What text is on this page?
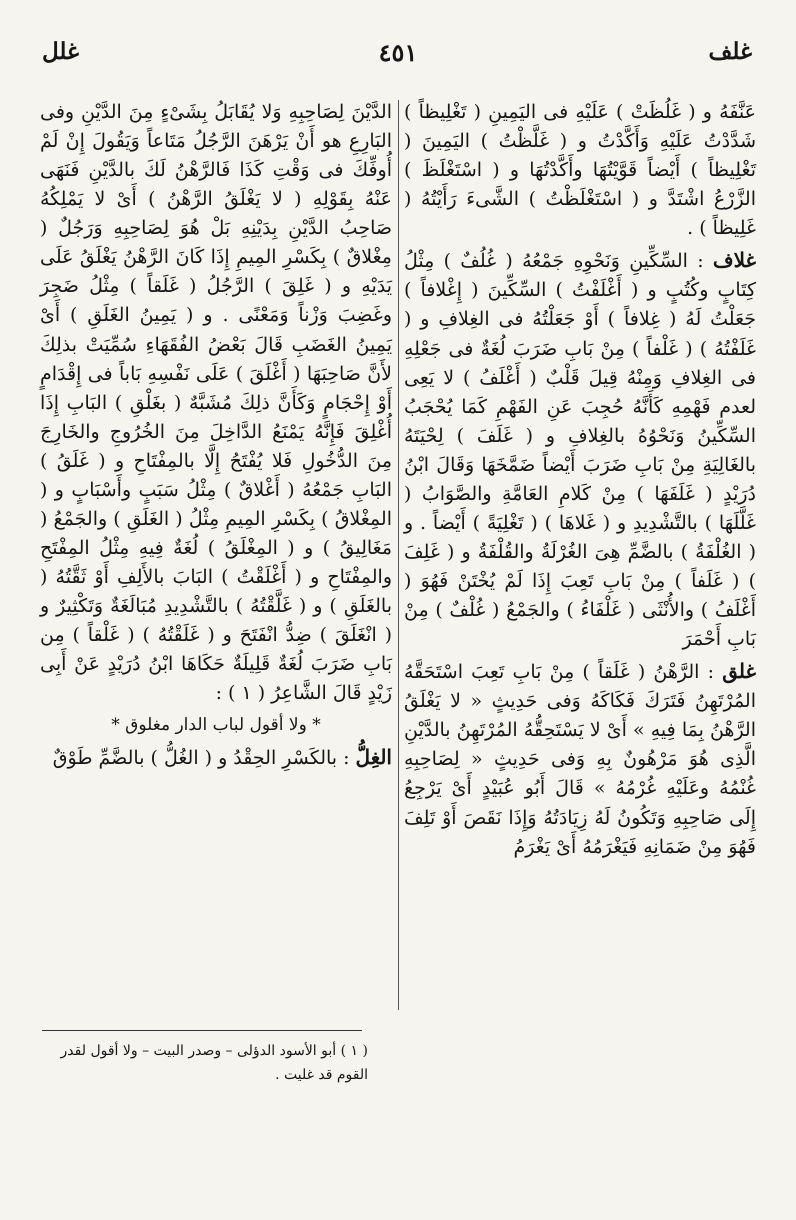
غلف
٤٥١
غلل
عَنَّفَهُ و ( غَلُظَتْ ) عَلَيْهِ فى اليَمِينِ ( تَغْلِيظاً ) شَدَّدْتُ عَلَيْهِ وَأَكَّدْتُ و ( غَلَّظْتُ ) اليَمِينَ ( تَغْلِيظاً ) أَيْضاً قَوَّيْتُهَا وأَكَّدْتُهَا و ( اسْتَغْلَظَ ) الزَّرْعُ اشْتَدَّ و ( اسْتَغْلَظْتُ ) الشَّىءَ رَأَيْتُهُ ( غَلِيظاً ) .
غلاف : السِّكِّينِ وَنَحْوِهِ جَمْعُهُ ( غُلُفٌ ) مِثْلُ كِتَابٍ وكُتُبٍ و ( أَغْلَفْتُ ) السِّكِّينَ ( إِغْلافاً ) جَعَلْتُ لَهُ ( غِلافاً ) أَوْ جَعَلْتُهُ فى الغِلافِ و ( غَلَفْتُهُ ) ( غَلْفاً ) مِنْ بَابِ ضَرَبَ لُغَةٌ فى جَعْلِهِ فى الغِلافِ وَمِنْهُ قِيلَ قَلْبٌ ( أَغْلَفُ ) لا يَعِى لعدم فَهْمِهِ كَأَنَّهُ حُجِبَ عَنِ الفَهْمِ كَمَا يُحْجَبُ السِّكِّينُ وَنَحْوُهُ بالغِلافِ و ( غَلَفَ ) لِحْيَتَهُ بالغَالِيَةِ مِنْ بَابِ ضَرَبَ أَيْضاً ضَمَّخَهَا وَقَالَ ابْنُ دُرَيْدٍ ( غَلَفَهَا ) مِنْ كَلامِ العَامَّةِ والصَّوَابُ ( غَلَّلَهَا ) بالتَّشْدِيدِ و ( غَلاهَا ) ( تَغْلِيَةً ) أَيْضاً . و ( الغُلْفَةُ ) بالضَّمِّ هِىَ الغُرْلَةُ والقُلْفَةُ و ( غَلِفَ ) ( غَلَفاً ) مِنْ بَابِ تَعِبَ إِذَا لَمْ يُخْتَنْ فَهُوَ ( أَغْلَفُ ) والأُنْثَى ( غَلْفَاءُ ) والجَمْعُ ( غُلْفٌ ) مِنْ بَابِ أَحْمَرَ
غلق : الرَّهْنُ ( غَلَقاً ) مِنْ بَابِ تَعِبَ اسْتَحَقَّهُ المُرْتَهِنُ فَتَرَكَ فَكَاكَهُ وَفى حَدِيثٍ « لا يَغْلَقُ الرَّهْنُ بِمَا فِيهِ » أَىْ لا يَسْتَحِقُّهُ المُرْتَهِنُ بالدَّيْنِ الَّذِى هُوَ مَرْهُونٌ بِهِ وَفى حَدِيثٍ « لِصَاحِبِهِ غُنْمُهُ وعَلَيْهِ غُرْمُهُ » قَالَ أَبُو عُبَيْدٍ أَىْ يَرْجِعُ إِلَى صَاحِبِهِ وَتَكُونُ لَهُ زِيَادَتُهُ وَإِذَا نَقَصَ أَوْ تَلِفَ فَهُوَ مِنْ ضَمَانِهِ فَيَغْرَمُهُ أَىْ يَغْرَمُ
الدَّيْنَ لِصَاحِبِهِ وَلا يُقَابَلُ بِشَىْءٍ مِنَ الدَّيْنِ وفى البَارِعِ هو أَنْ يَرْهَنَ الرَّجُلُ مَتَاعاً وَيَقُولَ إِنْ لَمْ أُوفِّكَ فى وَقْتِ كَذَا فَالرَّهْنُ لَكَ بالدَّيْنِ فَنَهَى عَنْهُ بِقَوْلِهِ ( لا يَغْلَقُ الرَّهْنُ ) أَىْ لا يَمْلِكُهُ صَاحِبُ الدَّيْنِ بِدَيْنِهِ بَلْ هُوَ لِصَاحِبِهِ وَرَجُلٌ ( مِغْلاقٌ ) بِكَسْرِ المِيمِ إِذَا كَانَ الرَّهْنُ يَغْلَقُ عَلَى يَدَيْهِ و ( غَلِقَ ) الرَّجُلُ ( غَلَقاً ) مِثْلُ ضَجِرَ وغَضِبَ وَزْناً وَمَعْنًى . و ( يَمِينُ الغَلَقِ ) أَىْ يَمِينُ الغَضَبِ قَالَ بَعْضُ الفُقَهَاءِ سُمِّيَتْ بذلِكَ لأَنَّ صَاحِبَهَا ( أَغْلَقَ ) عَلَى نَفْسِهِ بَاباً فى إِقْدَامٍ أَوْ إِحْجَامٍ وَكَأَنَّ ذلِكَ مُشَبَّهٌ ( بغَلْقِ ) البَابِ إِذَا أُغْلِقَ فَإِنَّهُ يَمْنَعُ الدَّاخِلَ مِنَ الخُرُوجِ والخَارِجَ مِنَ الدُّخُولِ فَلا يُفْتَحُ إِلَّا بالمِفْتَاحِ و ( غَلَقُ ) البَابِ جَمْعُهُ ( أَغْلاقٌ ) مِثْلُ سَبَبٍ وأَسْبَابٍ و ( المِغْلاقُ ) بِكَسْرِ المِيمِ مِثْلُ ( الغَلَقِ ) والجَمْعُ ( مَغَالِيقُ ) و ( المِغْلَقُ ) لُغَةٌ فِيهِ مِثْلُ المِفْتَحِ والمِفْتَاحِ و ( أَغْلَقْتُ ) البَابَ بالأَلِفِ أَوْ ثَقَّتُهُ ( بالغَلَقِ ) و ( غَلَّقْتُهُ ) بالتَّشْدِيدِ مُبَالَغَةٌ وَتَكْثِيرٌ و ( انْغَلَقَ ) ضِدُّ انْفَتَحَ و ( غَلَقْتُهُ ) ( غَلْقاً ) مِن بَابِ ضَرَبَ لُغَةٌ قَلِيلَةٌ حَكَاهَا ابْنُ دُرَيْدٍ عَنْ أَبِى زَيْدٍ قَالَ الشَّاعِرُ ( ١ ) :
* ولا أقول لباب الدار مغلوق *
الغِلُّ : بالكَسْرِ الحِقْدُ و ( الغُلُّ ) بالضَّمِّ طَوْقٌ
( ١ ) أبو الأسود الدؤلى – وصدر البيت – ولا أقول لقدر القوم قد غليت .
